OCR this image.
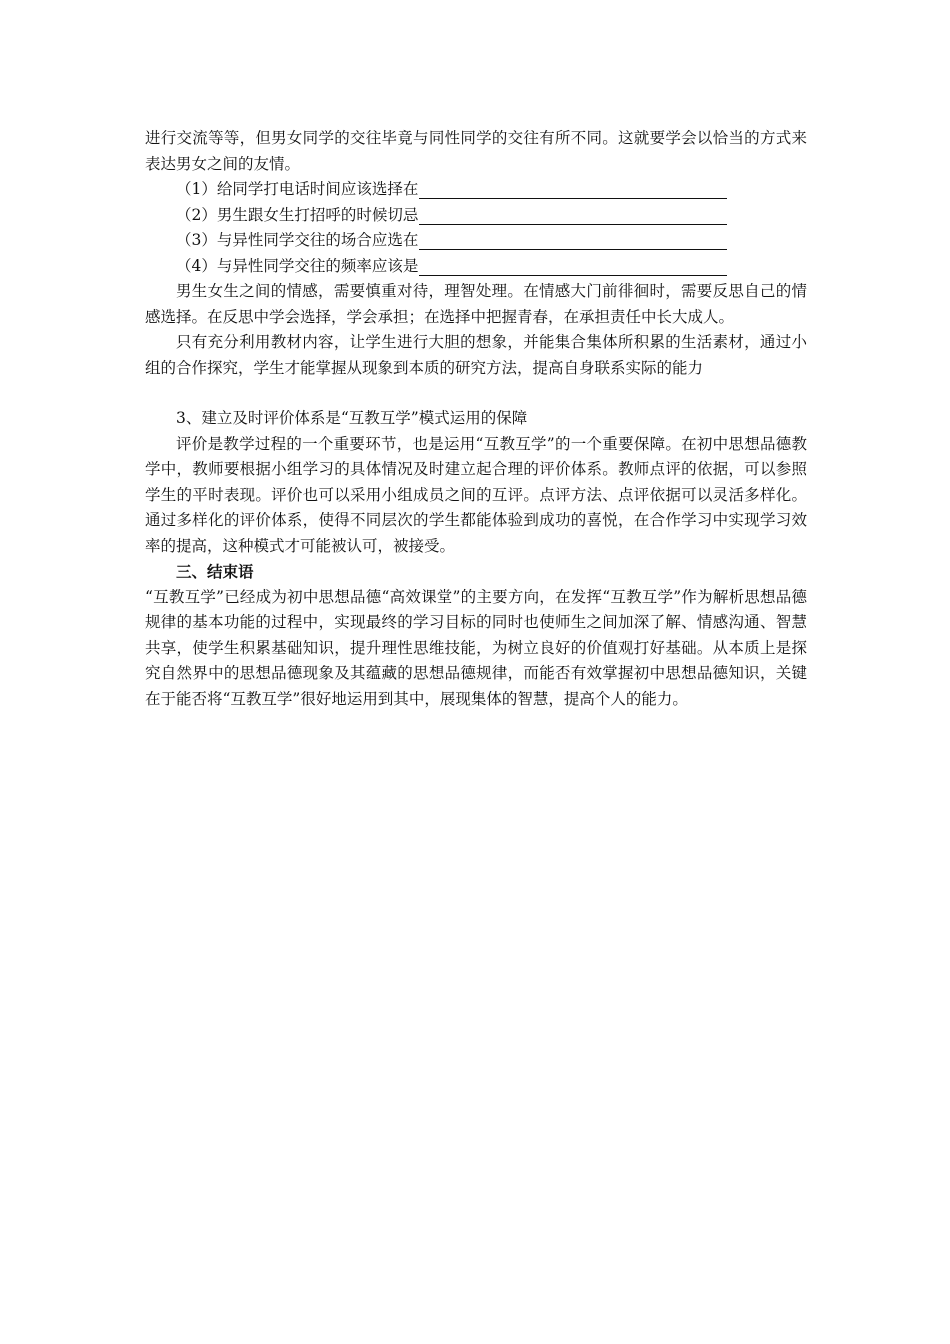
进行交流等等，但男女同学的交往毕竟与同性同学的交往有所不同。这就要学会以恰当的方式来表达男女之间的友情。

（1）给同学打电话时间应该选择在
（2）男生跟女生打招呼的时候切忌
（3）与异性同学交往的场合应选在
（4）与异性同学交往的频率应该是

男生女生之间的情感，需要慎重对待，理智处理。在情感大门前徘徊时，需要反思自己的情感选择。在反思中学会选择，学会承担；在选择中把握青春，在承担责任中长大成人。

只有充分利用教材内容，让学生进行大胆的想象，并能集合集体所积累的生活素材，通过小组的合作探究，学生才能掌握从现象到本质的研究方法，提高自身联系实际的能力

3、建立及时评价体系是“互教互学”模式运用的保障

评价是教学过程的一个重要环节，也是运用“互教互学”的一个重要保障。在初中思想品德教学中，教师要根据小组学习的具体情况及时建立起合理的评价体系。教师点评的依据，可以参照学生的平时表现。评价也可以采用小组成员之间的互评。点评方法、点评依据可以灵活多样化。通过多样化的评价体系，使得不同层次的学生都能体验到成功的喜悦，在合作学习中实现学习效率的提高，这种模式才可能被认可，被接受。

三、结束语

“互教互学”已经成为初中思想品德“高效课堂”的主要方向，在发挥“互教互学”作为解析思想品德规律的基本功能的过程中，实现最终的学习目标的同时也使师生之间加深了解、情感沟通、智慧共享，使学生积累基础知识，提升理性思维技能，为树立良好的价值观打好基础。从本质上是探究自然界中的思想品德现象及其蕴藏的思想品德规律，而能否有效掌握初中思想品德知识，关键在于能否将“互教互学”很好地运用到其中，展现集体的智慧，提高个人的能力。
